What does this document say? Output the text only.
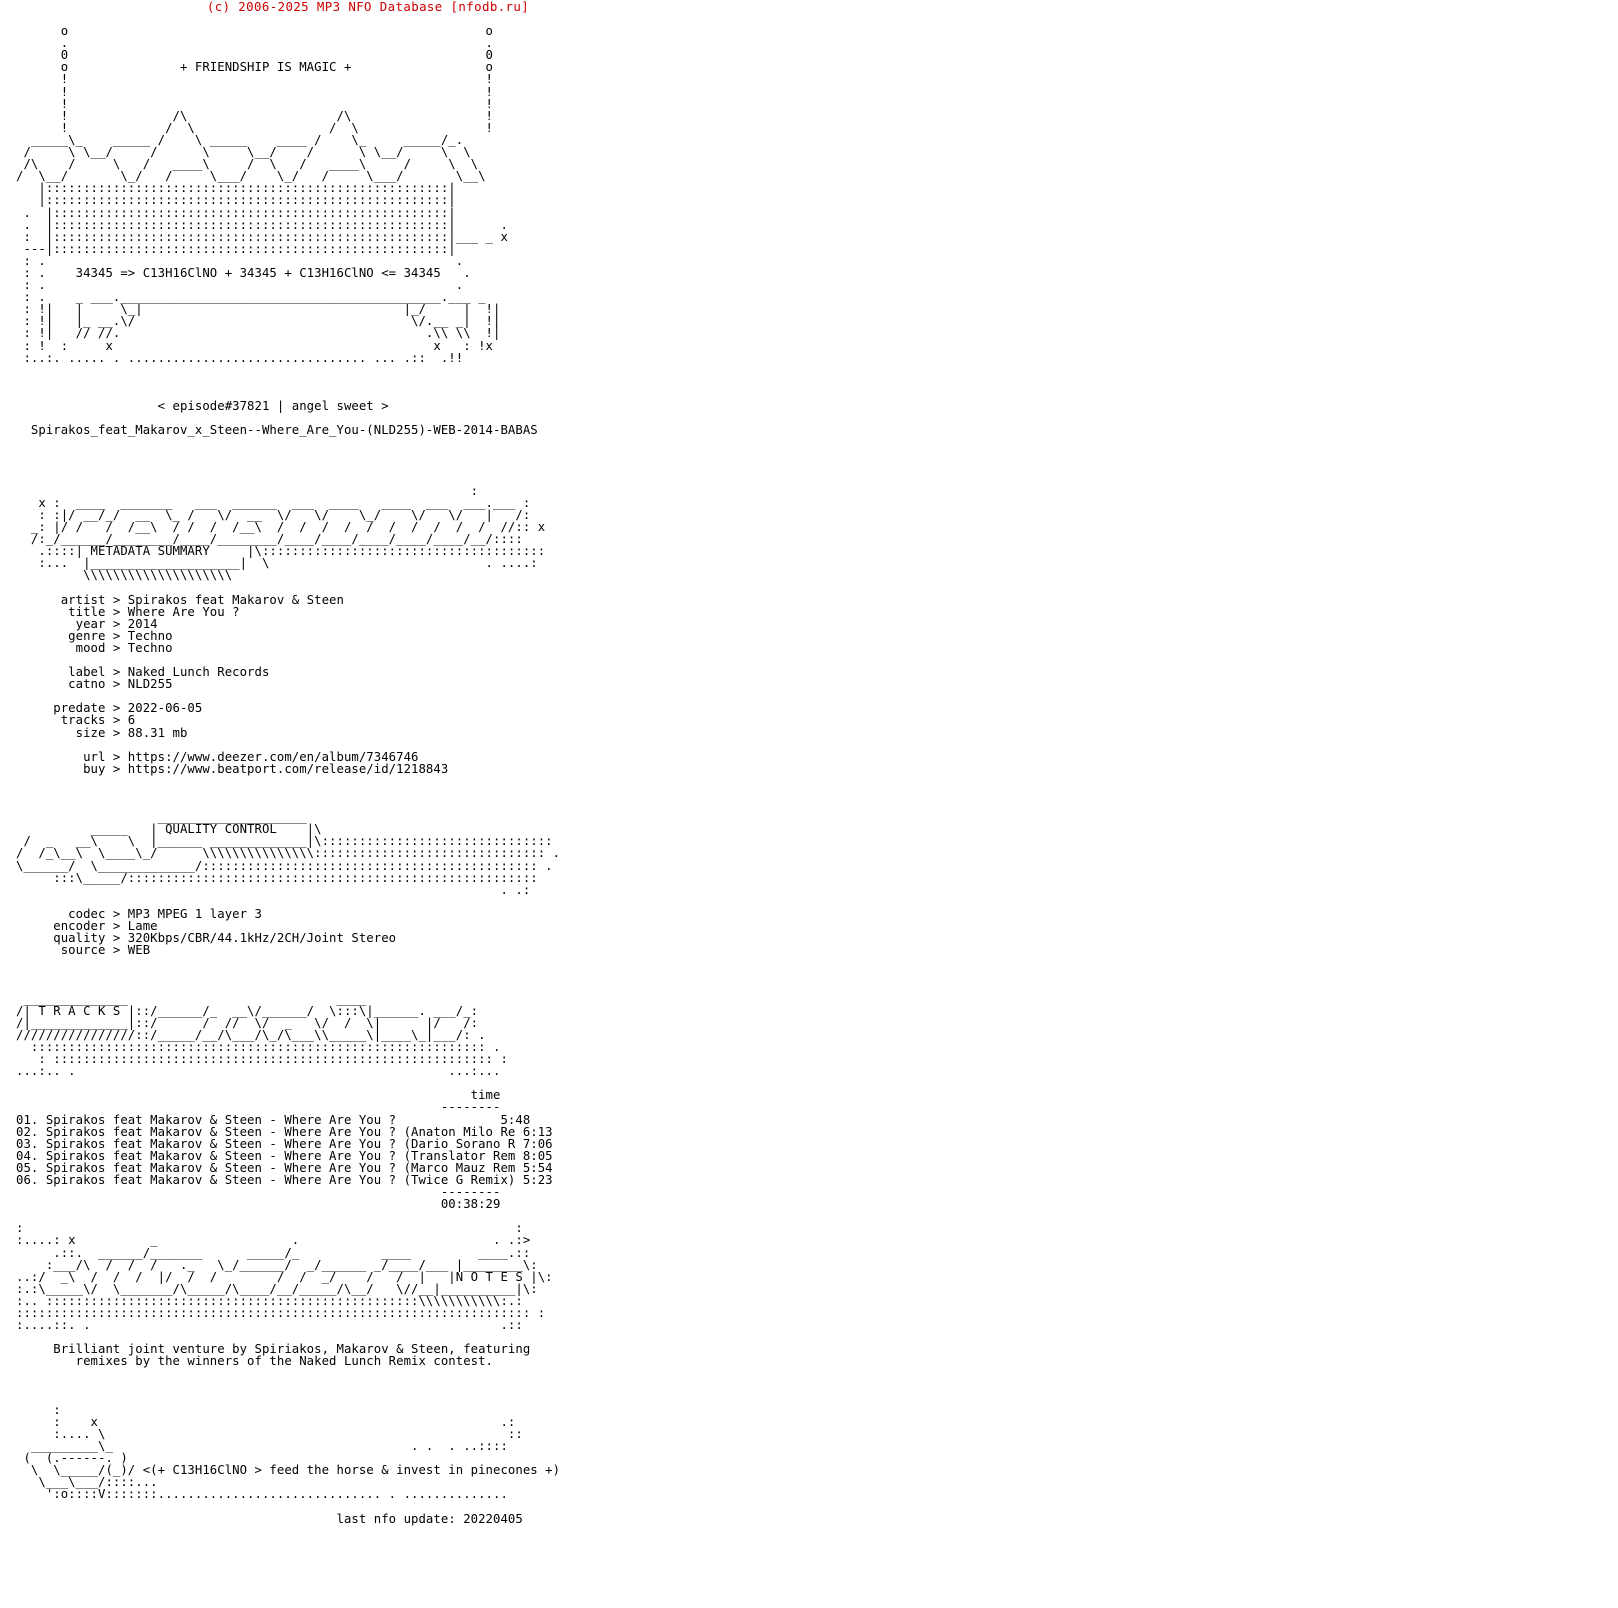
(c) 2006-2025 MP3 NFO Database [nfodb.ru]

o                                                        o
.                                                        .
0                                                        0
o               + FRIENDSHIP IS MAGIC +                  o
!                                                        !
!                                                        !
!                                                        !
!              /\                    /\                  !
!             /  \                  /  \                 !
_____\_    _____ /    \ _____    ____ /    \_     _____/_.
/     \ \__/     /      \     \__/    /      \ \__/     \  \
/\    /     \   /   ____\     /  \   /   ____\     /     \  \
/  \__/       \_/   /     \___/    \_/   /     \___/       \__\
|::::::::::::::::::::::::::::::::::::::::::::::::::::::|
|::::::::::::::::::::::::::::::::::::::::::::::::::::::|
.  |:::::::::::::::::::::::::::::::::::::::::::::::::::::|
.  |:::::::::::::::::::::::::::::::::::::::::::::::::::::|      .
:  |:::::::::::::::::::::::::::::::::::::::::::::::::::::|___ _ x
---|:::::::::::::::::::::::::::::::::::::::::::::::::::::|
: .                                                       .
: .    34345 => C13H16ClNO + 34345 + C13H16ClNO <= 34345   .
: .                                                       .
: .    _ ___.___________________________________________.___ _
: !|   |     \_|                                   |_/     |  !|
: !|   |_ __.\/                                     \/.__ _|  !|
: !|   // //.                                         .\\ \\  !|
: !  :     x                                           x   : !x
:..:. ..... . ................................ ... .::  .!!

< episode#37821 | angel sweet >

Spirakos_feat_Makarov_x_Steen--Where_Are_You-(NLD255)-WEB-2014-BABAS

:
x :  ____  _______   ___  ______  ___  ____   ____  ___  ___.___ :
: :|/ __/_/  __  \_ /   \/  __  \/   \/    \_/    \/   \/   |   /:
_: |/ /   /  /__\  / /  /  /__\  /  /  /  /  /  /  /  /  /  /  //:: x
/:_/______/________/____/________/____/____/____/____/____/__/::::
.::::| METADATA SUMMARY     |\::::::::::::::::::::::::::::::::::::::
:...  |____________________|  \                             . ....:
\\\\\\\\\\\\\\\\\\\\

artist > Spirakos feat Makarov & Steen
title > Where Are You ?
year > 2014
genre > Techno
mood > Techno

label > Naked Lunch Records
catno > NLD255

predate > 2022-06-05
tracks > 6
size > 88.31 mb

url > https://www.deezer.com/en/album/7346746
buy > https://www.beatport.com/release/id/1218843

____________________
_____   | QUALITY CONTROL    |\
/  _   __\    \  |______ _____________|\:::::::::::::::::::::::::::::::
/  /_\__\  \____\_/      \\\\\\\\\\\\\\\::::::::::::::::::::::::::::::: .
\______/  \_____________/::::::::::::::::::::::::::::::::::::::::::::: .
:::\_____/:::::::::::::::::::::::::::::::::::::::::::::::::::::::
. .:

codec > MP3 MPEG 1 layer 3
encoder > Lame
quality > 320Kbps/CBR/44.1kHz/2CH/Joint Stereo
source > WEB

______________                            ____
/| T R A C K S |::/______/_  __\/______/  \:::\|______. ___/_:
/|_____________|::/      /  //  \/  _   \/  /  \|      |/   /:
////////////////::/_____/__/\___/\_/\___\\_____\|____\_|___/: .
::::::::::::::::::::::::::::::::::::::::::::::::::::::::::::: .
: ::::::::::::::::::::::::::::::::::::::::::::::::::::::::::: :
...:.. .                                                  ...:...

time
--------
01. Spirakos feat Makarov & Steen - Where Are You ?              5:48
02. Spirakos feat Makarov & Steen - Where Are You ? (Anaton Milo Re 6:13
03. Spirakos feat Makarov & Steen - Where Are You ? (Dario Sorano R 7:06
04. Spirakos feat Makarov & Steen - Where Are You ? (Translator Rem 8:05
05. Spirakos feat Makarov & Steen - Where Are You ? (Marco Mauz Rem 5:54
06. Spirakos feat Makarov & Steen - Where Are You ? (Twice G Remix) 5:23
--------
00:38:29

:                                                                  :
:....: x          _                  .                          . .:>
.::.  ______/_______      _____/_           ____         ____.::
:___/\  /  /  /   ._   \_/______/  _/______ _/____/___ |________\:
..:/  _\  /  /  /  |/  /  /        /  /  _/    /   /  |   |N O T E S |\:
:.:\_____\/  \_______/\_____/\____/__/_____/\__/   \//__|__________|\:
:.. ::::::::::::::::::::::::::::::::::::::::::::::::::\\\\\\\\\\\:.:
::::::::::::::::::::::::::::::::::::::::::::::::::::::::::::::::::::: :
:....::. .                                                       .::

Brilliant joint venture by Spiriakos, Makarov & Steen, featuring
remixes by the winners of the Naked Lunch Remix contest.

:
:    x                                                      .:
:.... \                                                      ::
_________\_                                        . .  . ..::::
(  (.------. )
\  \_____/(_)/ <(+ C13H16ClNO > feed the horse & invest in pinecones +)
\___\___/::::...
':o::::V:::::::.............................. . ..............

last nfo update: 20220405
